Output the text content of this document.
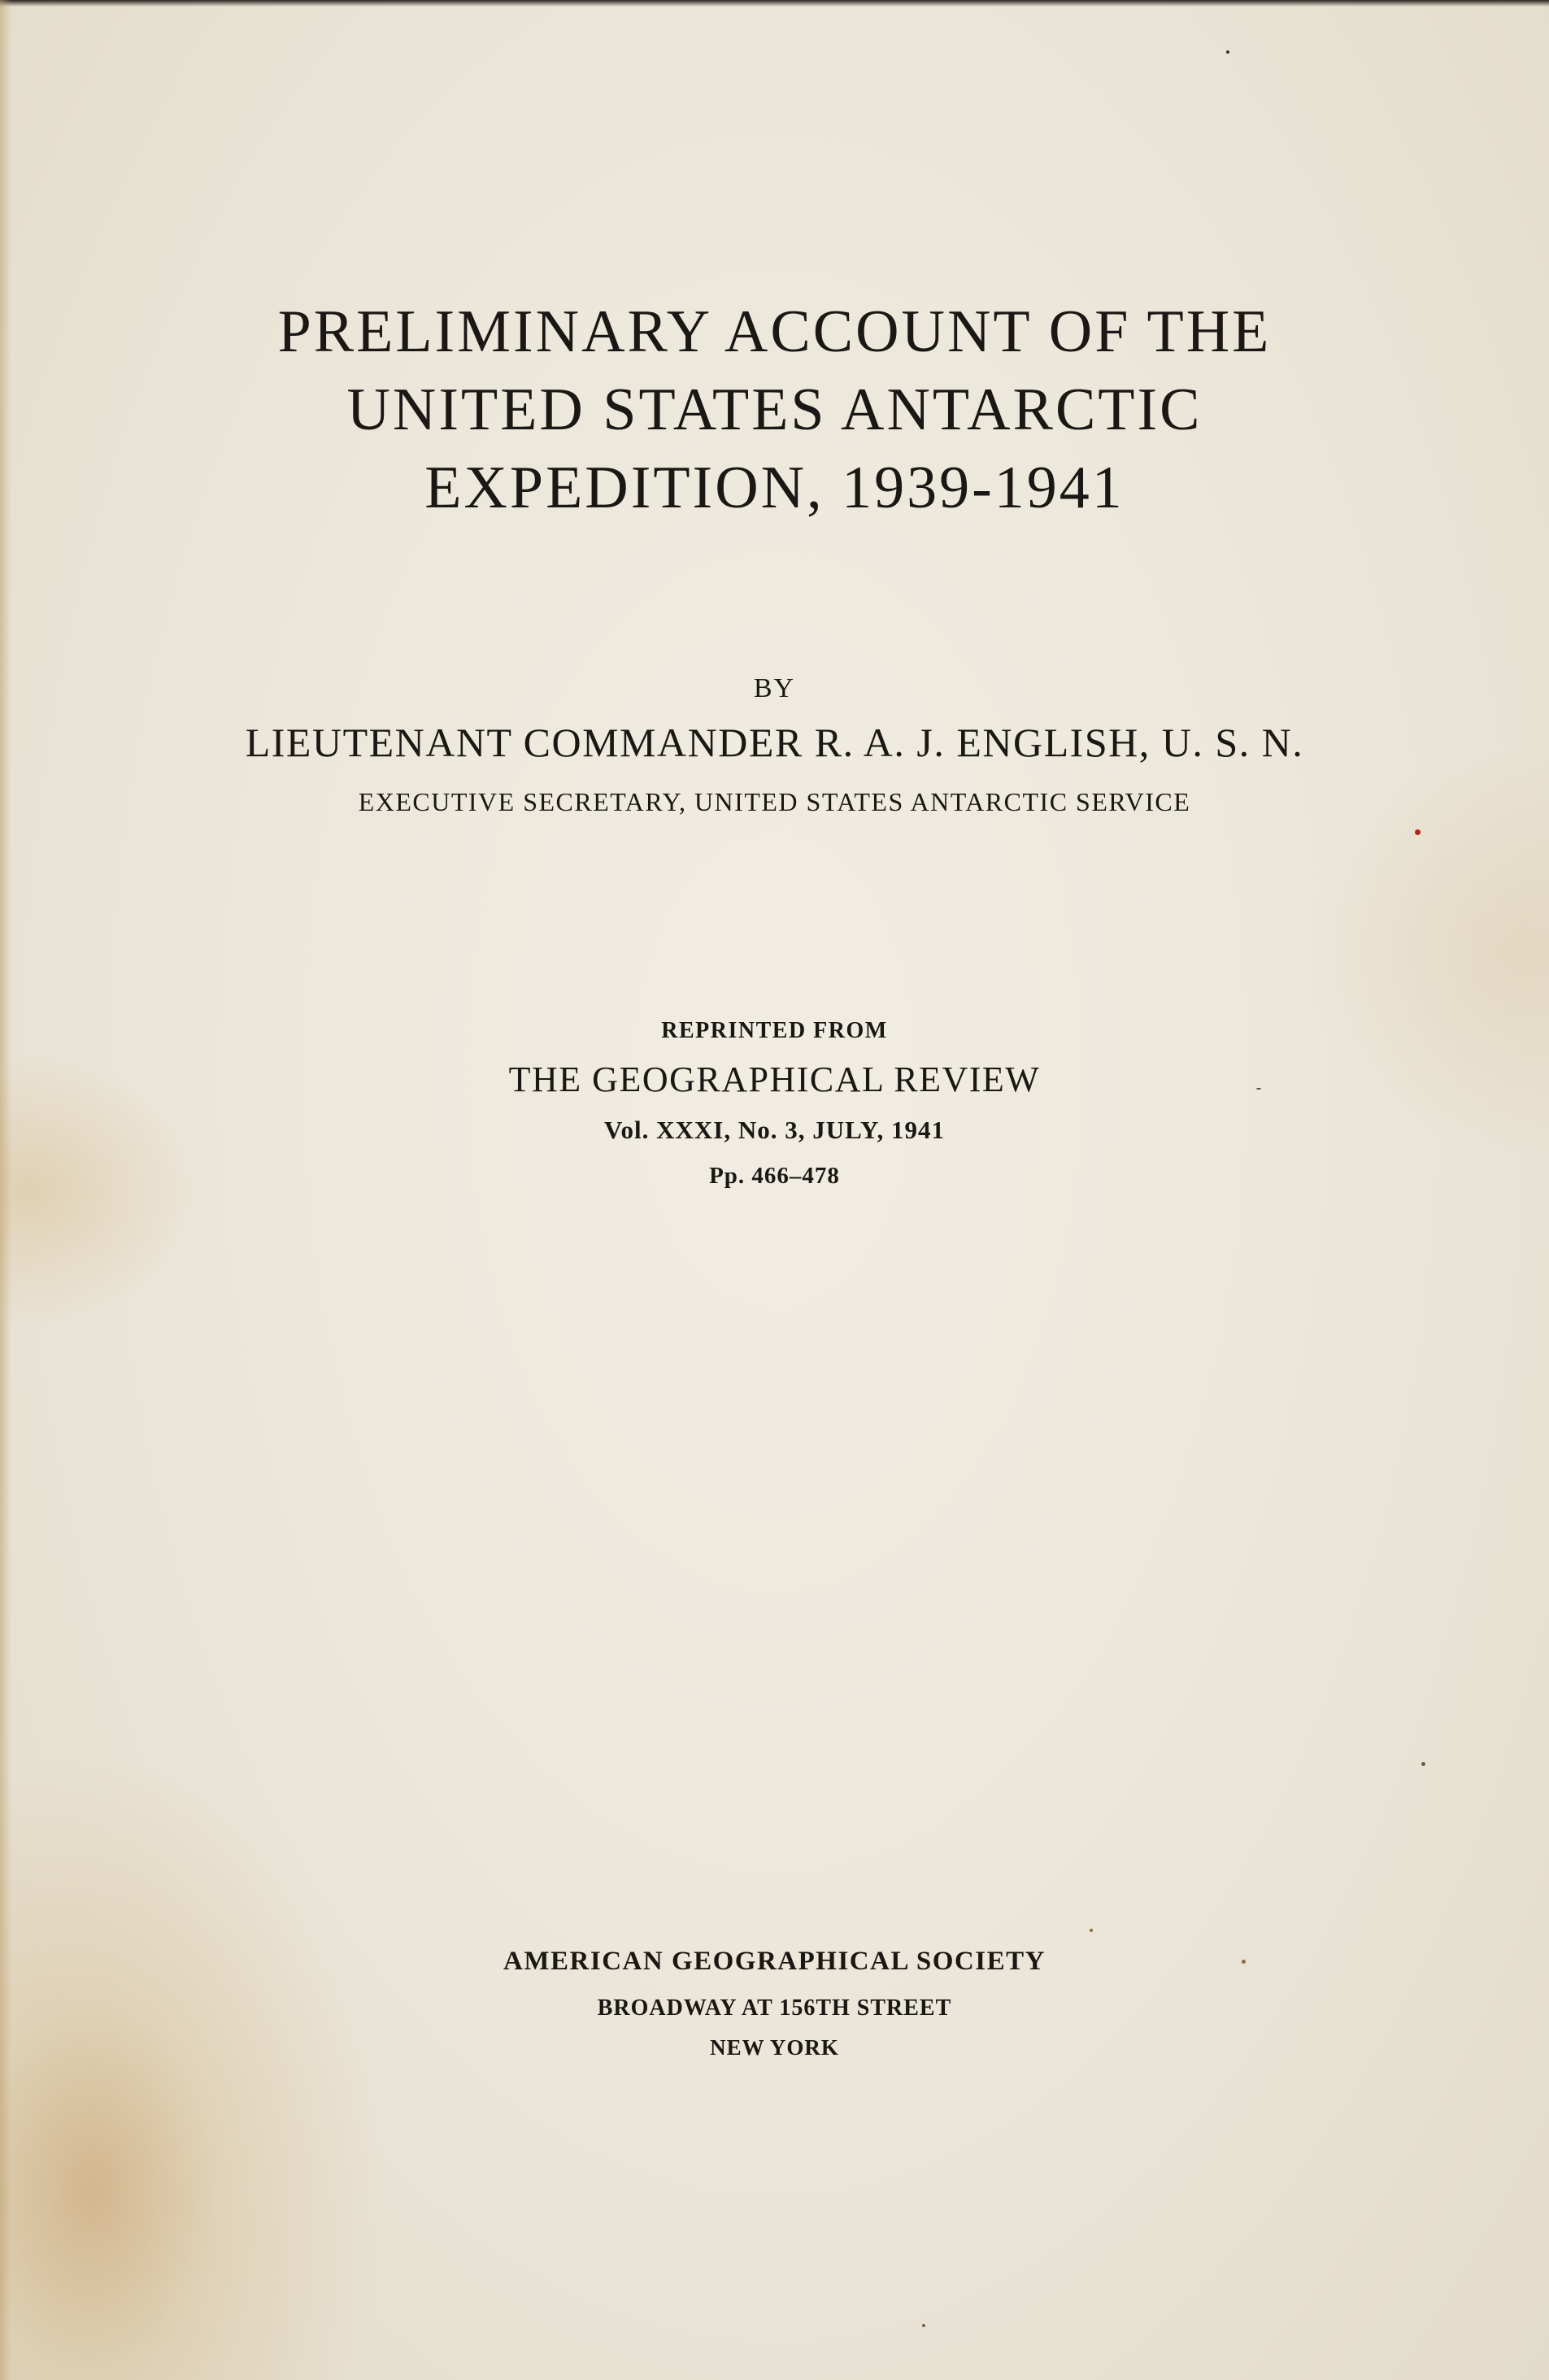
PRELIMINARY ACCOUNT OF THE
UNITED STATES ANTARCTIC
EXPEDITION, 1939-1941
BY
LIEUTENANT COMMANDER R. A. J. ENGLISH, U. S. N.
EXECUTIVE SECRETARY, UNITED STATES ANTARCTIC SERVICE
REPRINTED FROM
THE GEOGRAPHICAL REVIEW
Vol. XXXI, No. 3, JULY, 1941
Pp. 466–478
AMERICAN GEOGRAPHICAL SOCIETY
BROADWAY AT 156TH STREET
NEW YORK
